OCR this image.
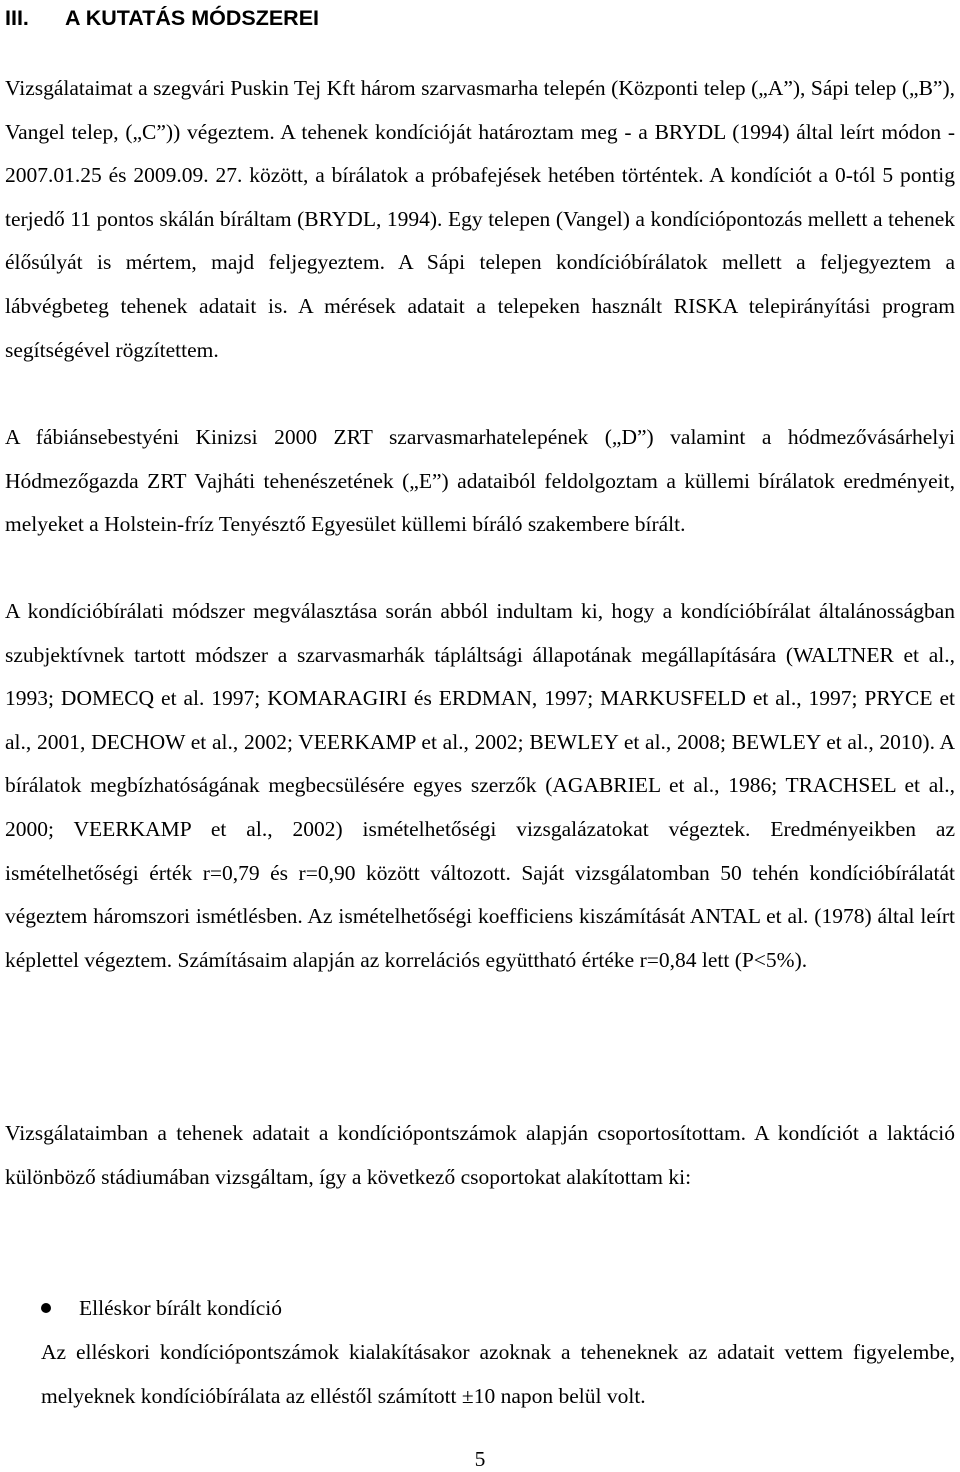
III. A KUTATÁS MÓDSZEREI

Vizsgálataimat a szegvári Puskin Tej Kft három szarvasmarha telepén (Központi telep („A”), Sápi telep („B”), Vangel telep, („C”)) végeztem. A tehenek kondícióját határoztam meg - a BRYDL (1994) által leírt módon - 2007.01.25 és 2009.09. 27. között, a bírálatok a próbafejések hetében történtek. A kondíciót a 0-tól 5 pontig terjedő 11 pontos skálán bíráltam (BRYDL, 1994). Egy telepen (Vangel) a kondíciópontozás mellett a tehenek élősúlyát is mértem, majd feljegyeztem. A Sápi telepen kondícióbírálatok mellett a feljegyeztem a lábvégbeteg tehenek adatait is. A mérések adatait a telepeken használt RISKA telepirányítási program segítségével rögzítettem.

A fábiánsebestyéni Kinizsi 2000 ZRT szarvasmarhatelepének („D”) valamint a hódmezővásárhelyi Hódmezőgazda ZRT Vajháti tehenészetének („E”) adataiból feldolgoztam a küllemi bírálatok eredményeit, melyeket a Holstein-fríz Tenyésztő Egyesület küllemi bíráló szakembere bírált.

A kondícióbírálati módszer megválasztása során abból indultam ki, hogy a kondícióbírálat általánosságban szubjektívnek tartott módszer a szarvasmarhák tápláltsági állapotának megállapítására (WALTNER et al., 1993; DOMECQ et al. 1997; KOMARAGIRI és ERDMAN, 1997; MARKUSFELD et al., 1997; PRYCE et al., 2001, DECHOW et al., 2002; VEERKAMP et al., 2002; BEWLEY et al., 2008; BEWLEY et al., 2010). A bírálatok megbízhatóságának megbecsülésére egyes szerzők (AGABRIEL et al., 1986; TRACHSEL et al., 2000; VEERKAMP et al., 2002) ismételhetőségi vizsgalázatokat végeztek. Eredményeikben az ismételhetőségi érték r=0,79 és r=0,90 között változott. Saját vizsgálatomban 50 tehén kondícióbírálatát végeztem háromszori ismétlésben. Az ismételhetőségi koefficiens kiszámítását ANTAL et al. (1978) által leírt képlettel végeztem. Számításaim alapján az korrelációs együttható értéke r=0,84 lett (P<5%).

Vizsgálataimban a tehenek adatait a kondíciópontszámok alapján csoportosítottam. A kondíciót a laktáció különböző stádiumában vizsgáltam, így a következő csoportokat alakítottam ki:

Elléskor bírált kondíció

Az elléskori kondíciópontszámok kialakításakor azoknak a teheneknek az adatait vettem figyelembe, melyeknek kondícióbírálata az elléstől számított ±10 napon belül volt.

5
